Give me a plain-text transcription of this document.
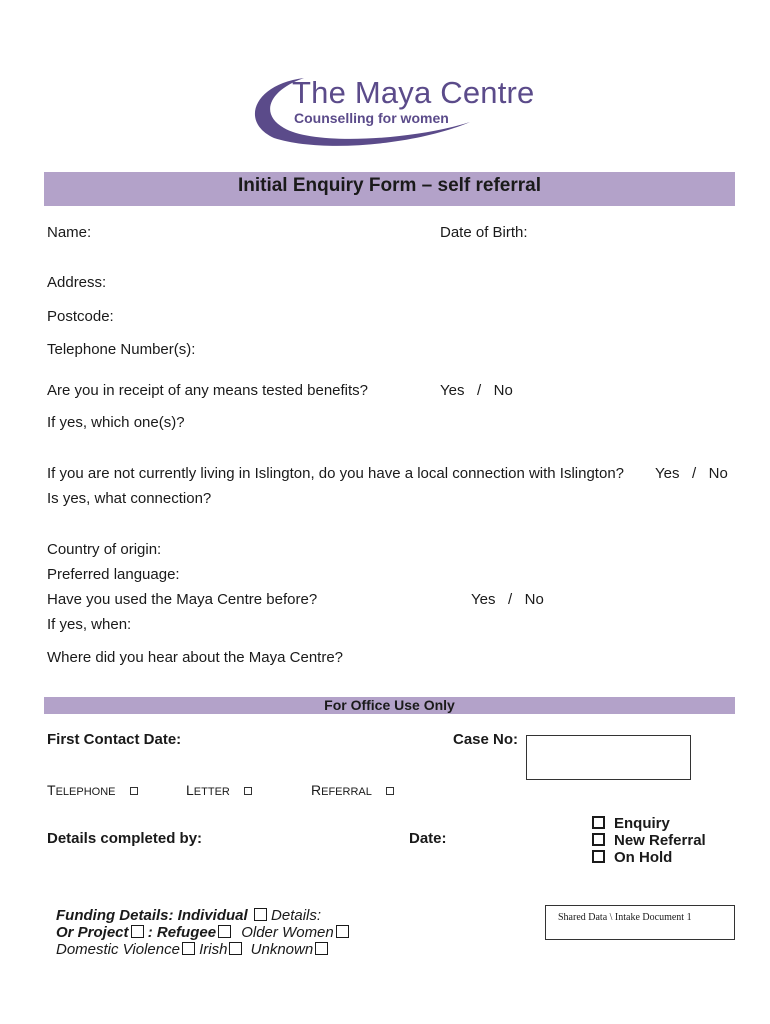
The Maya Centre
Counselling for women
Initial Enquiry Form – self referral
Name:	Date of Birth:
Address:
Postcode:
Telephone Number(s):
Are you in receipt of any means tested benefits?	Yes   /   No
If yes, which one(s)?
If you are not currently living in Islington, do you have a local connection with Islington? Yes   /   No
Is yes, what connection?
Country of origin:
Preferred language:
Have you used the Maya Centre before?	Yes   /   No
If yes, when:
Where did you hear about the Maya Centre?
For Office Use Only
First Contact Date:	Case No:
TELEPHONE	LETTER	REFERRAL
Details completed by:	Date:
Enquiry
New Referral
On Hold
Funding Details: Individual Details:
Or Project : Refugee Older Women
Domestic Violence Irish Unknown
Shared Data \ Intake Document 1
